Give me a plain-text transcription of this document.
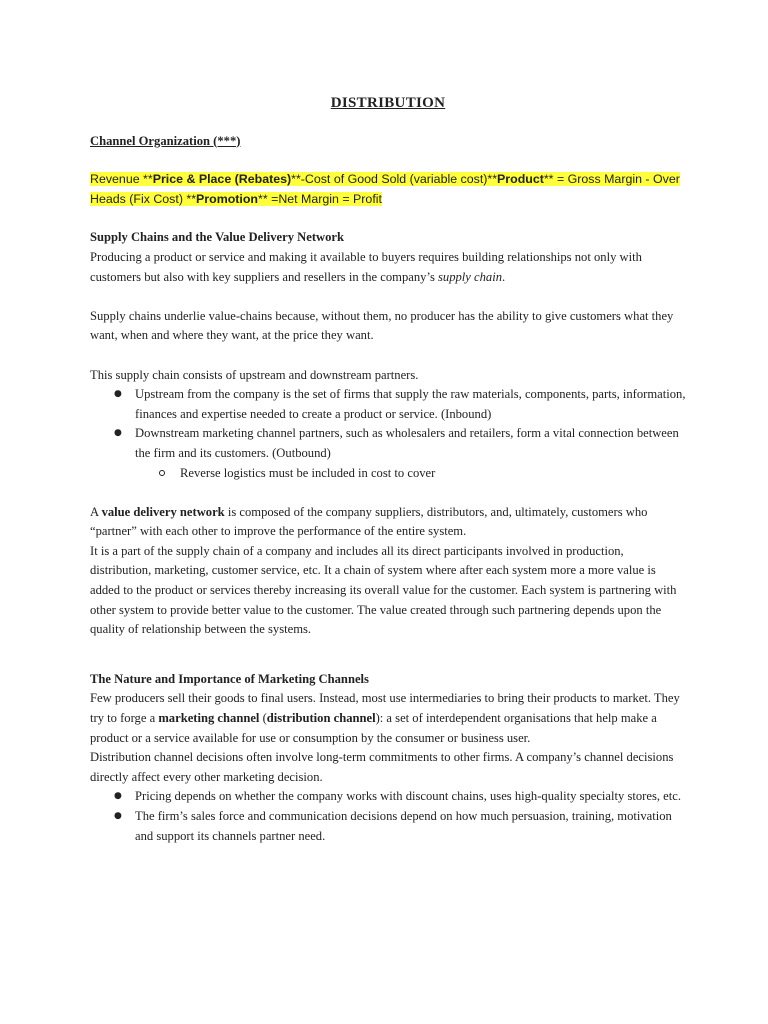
DISTRIBUTION
Channel Organization (***)
Revenue **Price & Place (Rebates)**-Cost of Good Sold (variable cost)**Product** = Gross Margin - Over Heads (Fix Cost) **Promotion** =Net Margin = Profit
Supply Chains and the Value Delivery Network

Producing a product or service and making it available to buyers requires building relationships not only with customers but also with key suppliers and resellers in the company’s supply chain.

Supply chains underlie value-chains because, without them, no producer has the ability to give customers what they want, when and where they want, at the price they want.

This supply chain consists of upstream and downstream partners.

● Upstream from the company is the set of firms that supply the raw materials, components, parts, information, finances and expertise needed to create a product or service. (Inbound)
● Downstream marketing channel partners, such as wholesalers and retailers, form a vital connection between the firm and its customers. (Outbound)
Reverse logistics must be included in cost to cover

A value delivery network is composed of the company suppliers, distributors, and, ultimately, customers who “partner” with each other to improve the performance of the entire system.

It is a part of the supply chain of a company and includes all its direct participants involved in production, distribution, marketing, customer service, etc. It a chain of system where after each system more a more value is added to the product or services thereby increasing its overall value for the customer. Each system is partnering with other system to provide better value to the customer. The value created through such partnering depends upon the quality of relationship between the systems.

The Nature and Importance of Marketing Channels

Few producers sell their goods to final users. Instead, most use intermediaries to bring their products to market. They try to forge a marketing channel (distribution channel): a set of interdependent organisations that help make a product or a service available for use or consumption by the consumer or business user.

Distribution channel decisions often involve long-term commitments to other firms. A company’s channel decisions directly affect every other marketing decision.

● Pricing depends on whether the company works with discount chains, uses high-quality specialty stores, etc.
● The firm’s sales force and communication decisions depend on how much persuasion, training, motivation and support its channels partner need.
